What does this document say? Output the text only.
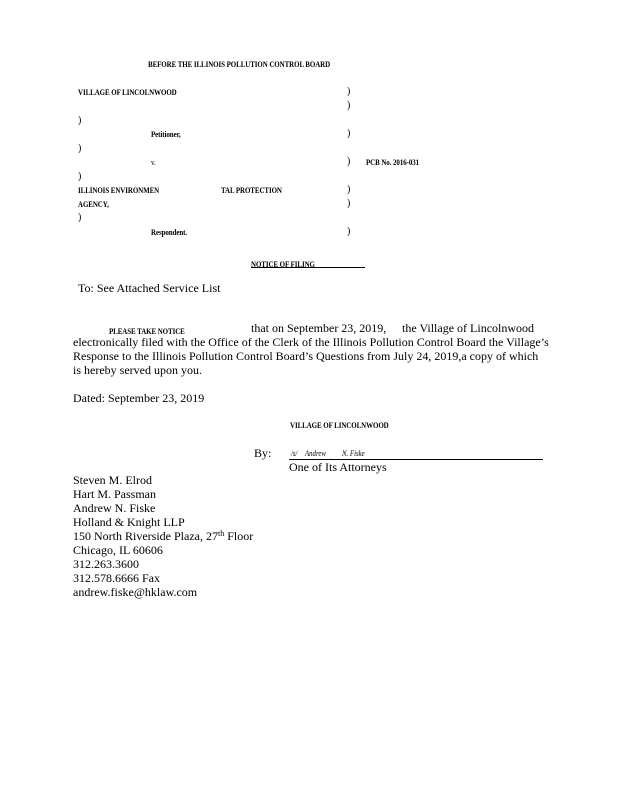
BEFORE THE ILLINOIS POLLUTION CONTROL BOARD
VILLAGE OF LINCOLNWOOD	)
)
)
Petitioner,	)
)
v.	) PCB No. 2016-031
)
ILLINOIS ENVIRONMEN	TAL PROTECTION	)
AGENCY,	)
)
Respondent.	)
NOTICE OF FILING
To: See Attached Service List
PLEASE TAKE NOTICE	that on September 23, 2019, the Village of Lincolnwood
electronically filed with the Office of the Clerk of the Illinois Pollution Control Board the Village’s
Response to the Illinois Pollution Control Board’s Questions from July 24, 2019,a copy of which
is hereby served upon you.
Dated: September 23, 2019
VILLAGE OF LINCOLNWOOD
By: /s/ Andrew N. Fiske
One of Its Attorneys
Steven M. Elrod
Hart M. Passman
Andrew N. Fiske
Holland & Knight LLP
150 North Riverside Plaza, 27th Floor
Chicago, IL 60606
312.263.3600
312.578.6666 Fax
andrew.fiske@hklaw.com
